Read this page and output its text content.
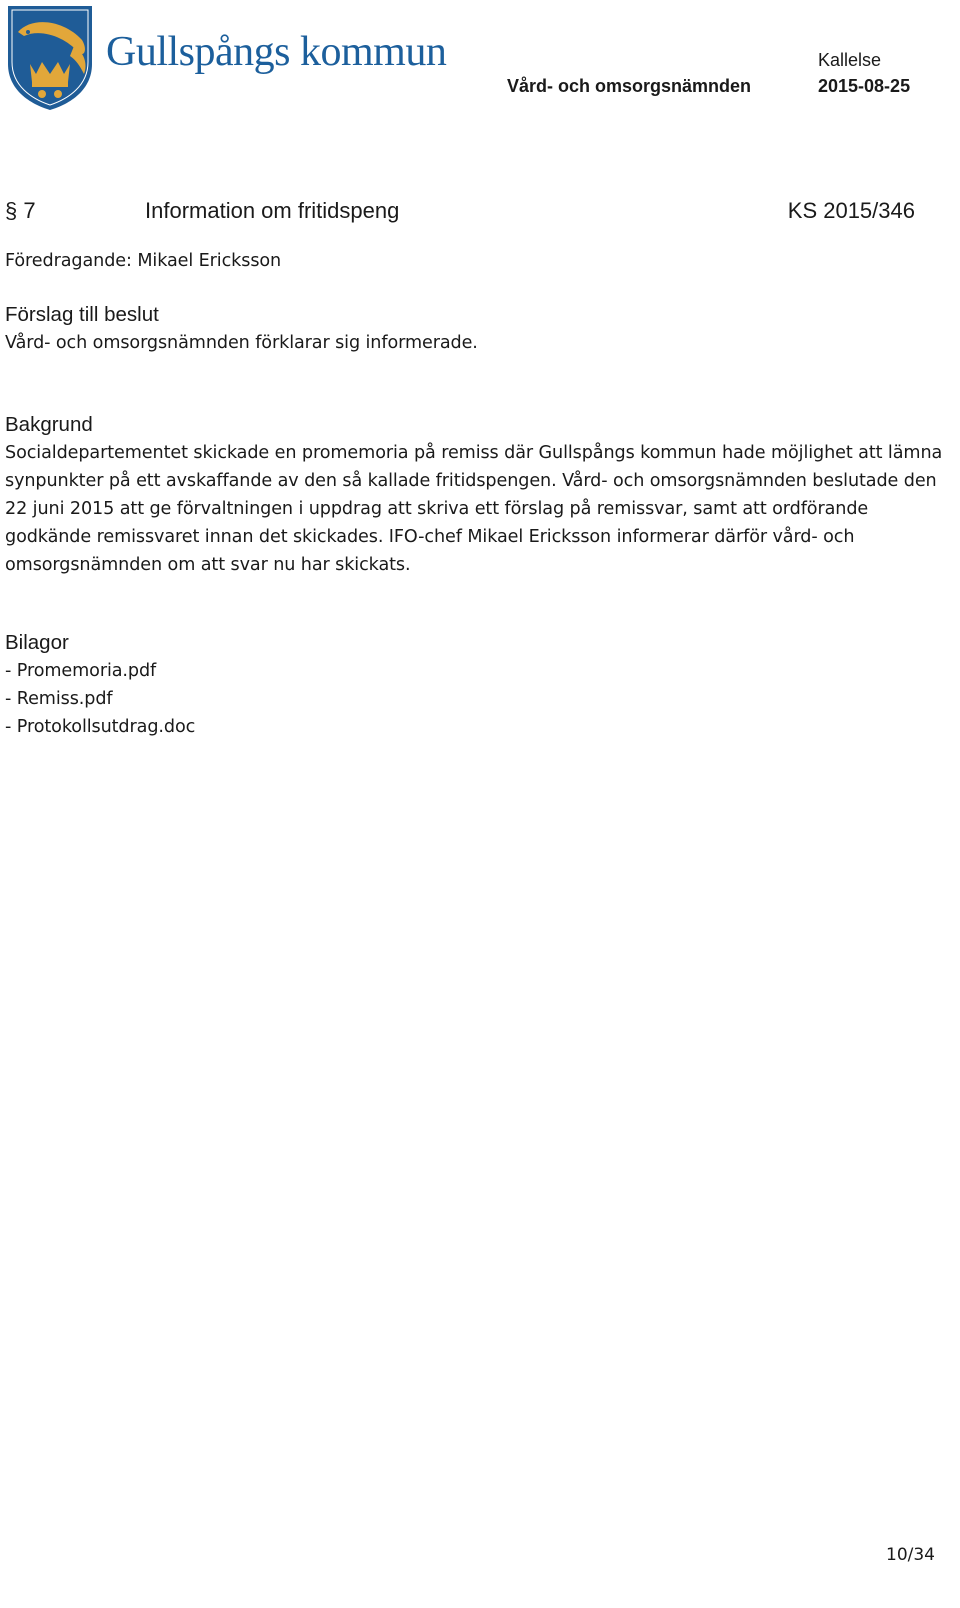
Gullspångs kommun	Kallelse
Vård- och omsorgsnämnden	2015-08-25
§ 7	Information om fritidspeng	KS 2015/346
Föredragande: Mikael Ericksson
Förslag till beslut
Vård- och omsorgsnämnden förklarar sig informerade.
Bakgrund
Socialdepartementet skickade en promemoria på remiss där Gullspångs kommun hade möjlighet att lämna synpunkter på ett avskaffande av den så kallade fritidspengen. Vård- och omsorgsnämnden beslutade den 22 juni 2015 att ge förvaltningen i uppdrag att skriva ett förslag på remissvar, samt att ordförande godkände remissvaret innan det skickades. IFO-chef Mikael Ericksson informerar därför vård- och omsorgsnämnden om att svar nu har skickats.
Bilagor
- Promemoria.pdf
- Remiss.pdf
- Protokollsutdrag.doc
10/34
